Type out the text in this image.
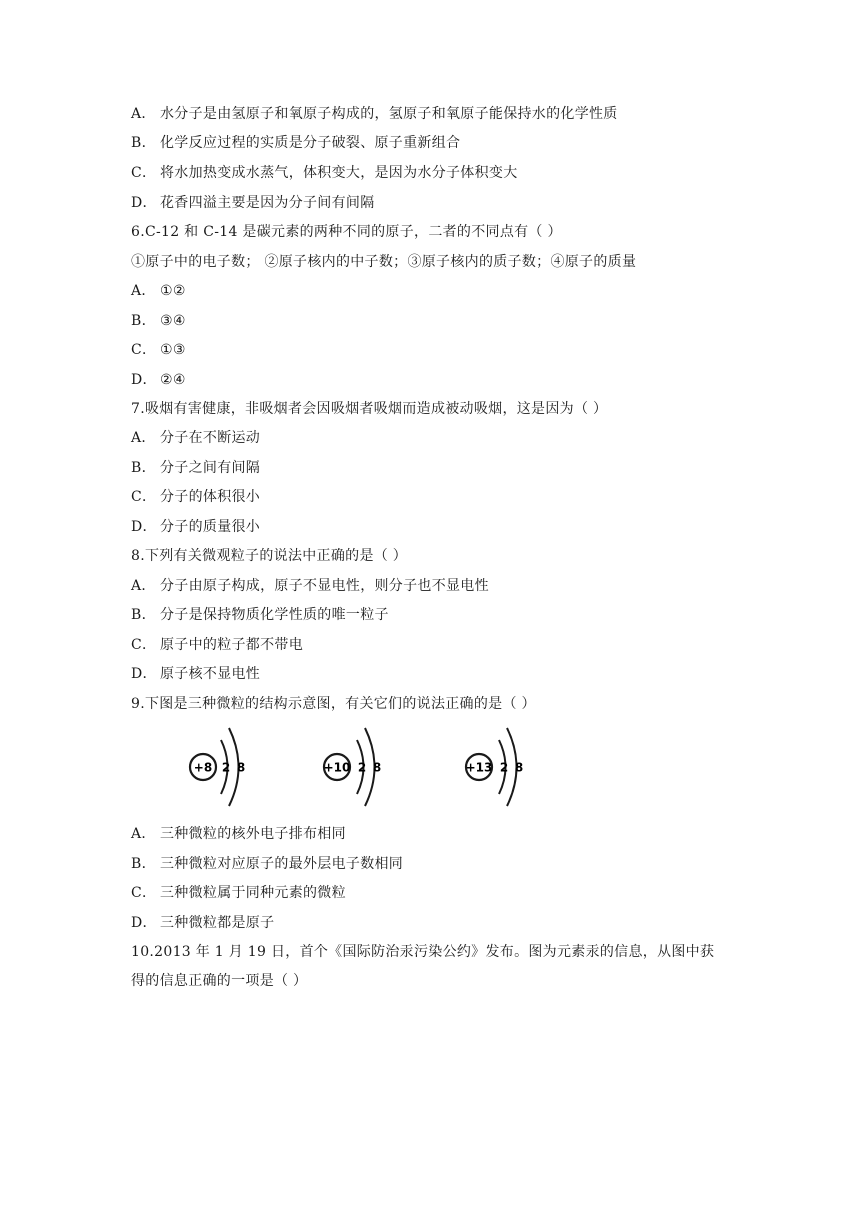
A． 水分子是由氢原子和氧原子构成的，氢原子和氧原子能保持水的化学性质
B． 化学反应过程的实质是分子破裂、原子重新组合
C． 将水加热变成水蒸气，体积变大，是因为水分子体积变大
D． 花香四溢主要是因为分子间有间隔
6.C-12 和 C-14 是碳元素的两种不同的原子，二者的不同点有（ ）
①原子中的电子数； ②原子核内的中子数；③原子核内的质子数；④原子的质量
A． ①②
B． ③④
C． ①③
D． ②④
7.吸烟有害健康，非吸烟者会因吸烟者吸烟而造成被动吸烟，这是因为（ ）
A． 分子在不断运动
B． 分子之间有间隔
C． 分子的体积很小
D． 分子的质量很小
8.下列有关微观粒子的说法中正确的是（ ）
A． 分子由原子构成，原子不显电性，则分子也不显电性
B． 分子是保持物质化学性质的唯一粒子
C． 原子中的粒子都不带电
D． 原子核不显电性
9.下图是三种微粒的结构示意图，有关它们的说法正确的是（ ）
+8 2 8	+10 2 8	+13 2 8
A． 三种微粒的核外电子排布相同
B． 三种微粒对应原子的最外层电子数相同
C． 三种微粒属于同种元素的微粒
D． 三种微粒都是原子
10.2013 年 1 月 19 日，首个《国际防治汞污染公约》发布。图为元素汞的信息，从图中获
得的信息正确的一项是（ ）
